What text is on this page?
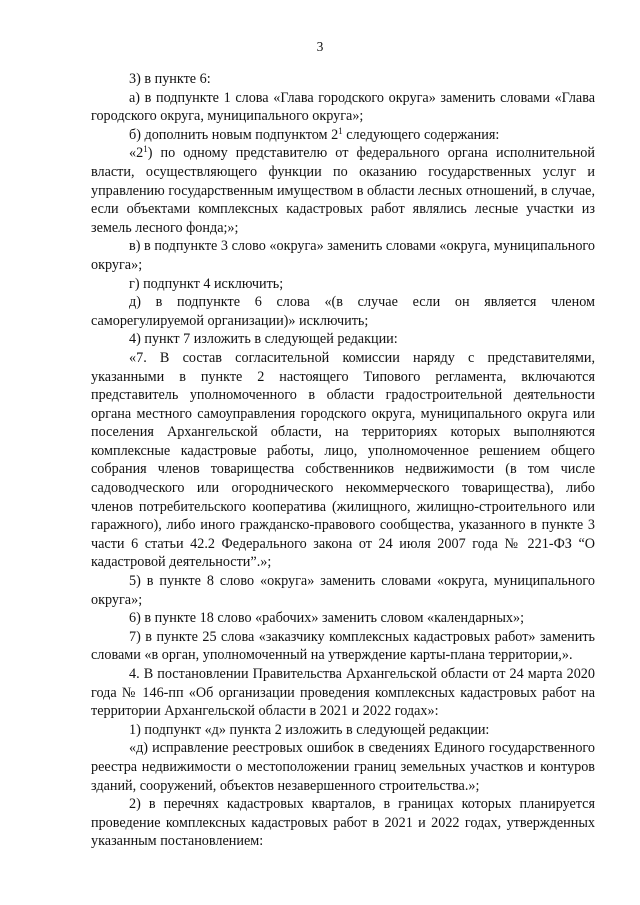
3

3) в пункте 6:

а) в подпункте 1 слова «Глава городского округа» заменить словами «Глава городского округа, муниципального округа»;

б) дополнить новым подпунктом $2^1$ следующего содержания:

«$2^1$) по одному представителю от федерального органа исполнительной власти, осуществляющего функции по оказанию государственных услуг и управлению государственным имуществом в области лесных отношений, в случае, если объектами комплексных кадастровых работ являлись лесные участки из земель лесного фонда;»;

в) в подпункте 3 слово «округа» заменить словами «округа, муниципального округа»;

г) подпункт 4 исключить;

д) в подпункте 6 слова «(в случае если он является членом саморегулируемой организации)» исключить;

4) пункт 7 изложить в следующей редакции:

«7. В состав согласительной комиссии наряду с представителями, указанными в пункте 2 настоящего Типового регламента, включаются представитель уполномоченного в области градостроительной деятельности органа местного самоуправления городского округа, муниципального округа или поселения Архангельской области, на территориях которых выполняются комплексные кадастровые работы, лицо, уполномоченное решением общего собрания членов товарищества собственников недвижимости (в том числе садоводческого или огороднического некоммерческого товарищества), либо членов потребительского кооператива (жилищного, жилищно-строительного или гаражного), либо иного гражданско-правового сообщества, указанного в пункте 3 части 6 статьи 42.2 Федерального закона от 24 июля 2007 года № 221-ФЗ “О кадастровой деятельности”.»;

5) в пункте 8 слово «округа» заменить словами «округа, муниципального округа»;

6) в пункте 18 слово «рабочих» заменить словом «календарных»;

7) в пункте 25 слова «заказчику комплексных кадастровых работ» заменить словами «в орган, уполномоченный на утверждение карты-плана территории,».

4. В постановлении Правительства Архангельской области от 24 марта 2020 года № 146-пп «Об организации проведения комплексных кадастровых работ на территории Архангельской области в 2021 и 2022 годах»:

1) подпункт «д» пункта 2 изложить в следующей редакции:

«д) исправление реестровых ошибок в сведениях Единого государственного реестра недвижимости о местоположении границ земельных участков и контуров зданий, сооружений, объектов незавершенного строительства.»;

2) в перечнях кадастровых кварталов, в границах которых планируется проведение комплексных кадастровых работ в 2021 и 2022 годах, утвержденных указанным постановлением:
